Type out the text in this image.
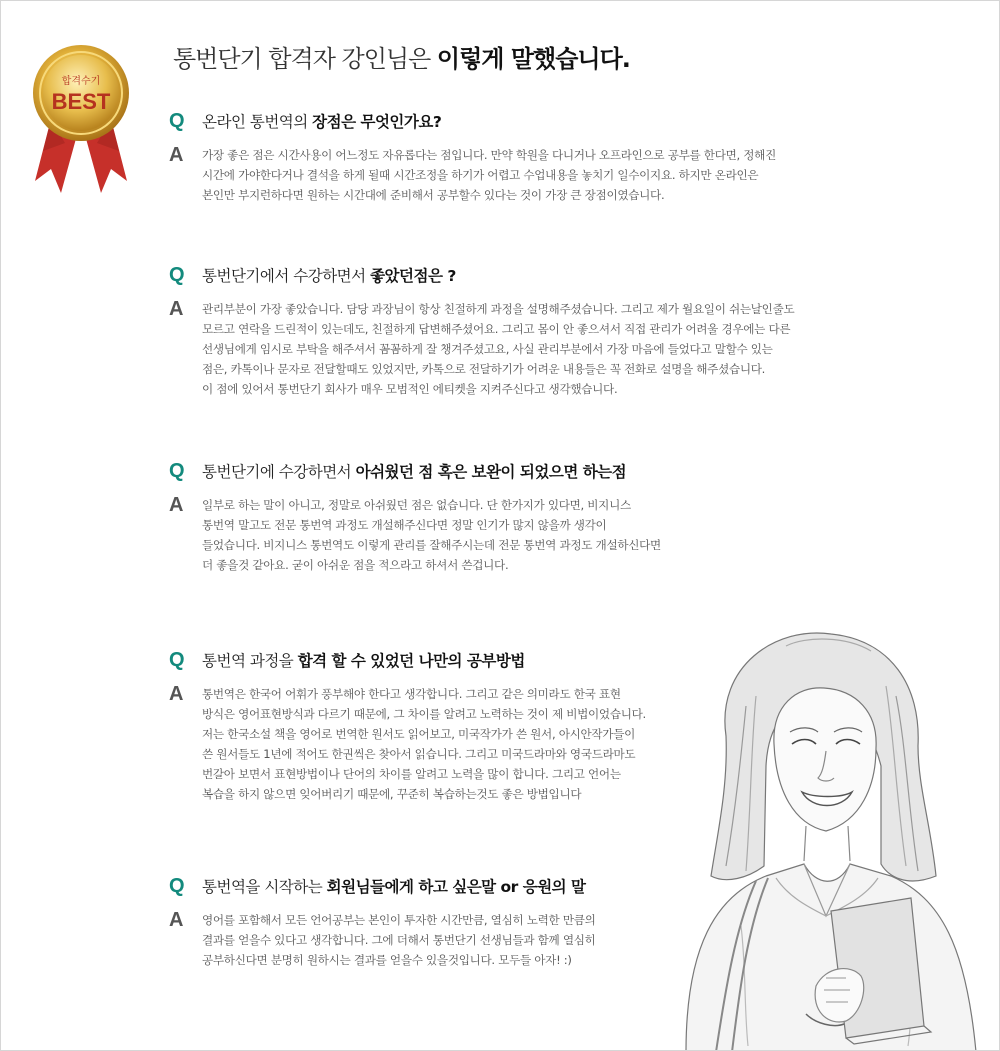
합격수기
BEST
통번단기 합격자 강인님은 이렇게 말했습니다.
Q	온라인 통번역의 장점은 무엇인가요?
A	가장 좋은 점은 시간사용이 어느정도 자유롭다는 점입니다. 만약 학원을 다니거나 오프라인으로 공부를 한다면, 정해진
시간에 가야한다거나 결석을 하게 될때 시간조정을 하기가 어렵고 수업내용을 놓치기 일수이지요. 하지만 온라인은
본인만 부지런하다면 원하는 시간대에 준비해서 공부할수 있다는 것이 가장 큰 장점이였습니다.
Q	통번단기에서 수강하면서 좋았던점은 ?
A	관리부분이 가장 좋았습니다. 담당 과장님이 항상 친절하게 과정을 설명해주셨습니다. 그리고 제가 월요일이 쉬는날인줄도
모르고 연락을 드린적이 있는데도, 친절하게 답변해주셨어요. 그리고 몸이 안 좋으셔서 직접 관리가 어려울 경우에는 다른
선생님에게 임시로 부탁을 해주셔서 꼼꼼하게 잘 챙겨주셨고요, 사실 관리부분에서 가장 마음에 들었다고 말할수 있는
점은, 카톡이나 문자로 전달할때도 있었지만, 카톡으로 전달하기가 어려운 내용들은 꼭 전화로 설명을 해주셨습니다.
이 점에 있어서 통번단기 회사가 매우 모범적인 에티켓을 지켜주신다고 생각했습니다.
Q	통번단기에 수강하면서 아쉬웠던 점 혹은 보완이 되었으면 하는점
A	일부로 하는 말이 아니고, 정말로 아쉬웠던 점은 없습니다. 단 한가지가 있다면, 비지니스
통번역 말고도 전문 통번역 과정도 개설해주신다면 정말 인기가 많지 않을까 생각이
들었습니다. 비지니스 통번역도 이렇게 관리를 잘해주시는데 전문 통번역 과정도 개설하신다면
더 좋을것 같아요. 굳이 아쉬운 점을 적으라고 하셔서 쓴겁니다.
Q	통번역 과정을 합격 할 수 있었던 나만의 공부방법
A	통번역은 한국어 어휘가 풍부해야 한다고 생각합니다. 그리고 같은 의미라도 한국 표현
방식은 영어표현방식과 다르기 때문에, 그 차이를 알려고 노력하는 것이 제 비법이었습니다.
저는 한국소설 책을 영어로 번역한 원서도 읽어보고, 미국작가가 쓴 원서, 아시안작가들이
쓴 원서들도 1년에 적어도 한권씩은 찾아서 읽습니다. 그리고 미국드라마와 영국드라마도
번갈아 보면서 표현방법이나 단어의 차이를 알려고 노력을 많이 합니다. 그리고 언어는
복습을 하지 않으면 잊어버리기 때문에, 꾸준히 복습하는것도 좋은 방법입니다
Q	통번역을 시작하는 회원님들에게 하고 싶은말 or 응원의 말
A	영어를 포함해서 모든 언어공부는 본인이 투자한 시간만큼, 열심히 노력한 만큼의
결과를 얻을수 있다고 생각합니다. 그에 더해서 통번단기 선생님들과 함께 열심히
공부하신다면 분명히 원하시는 결과를 얻을수 있을것입니다. 모두들 아자! :)
